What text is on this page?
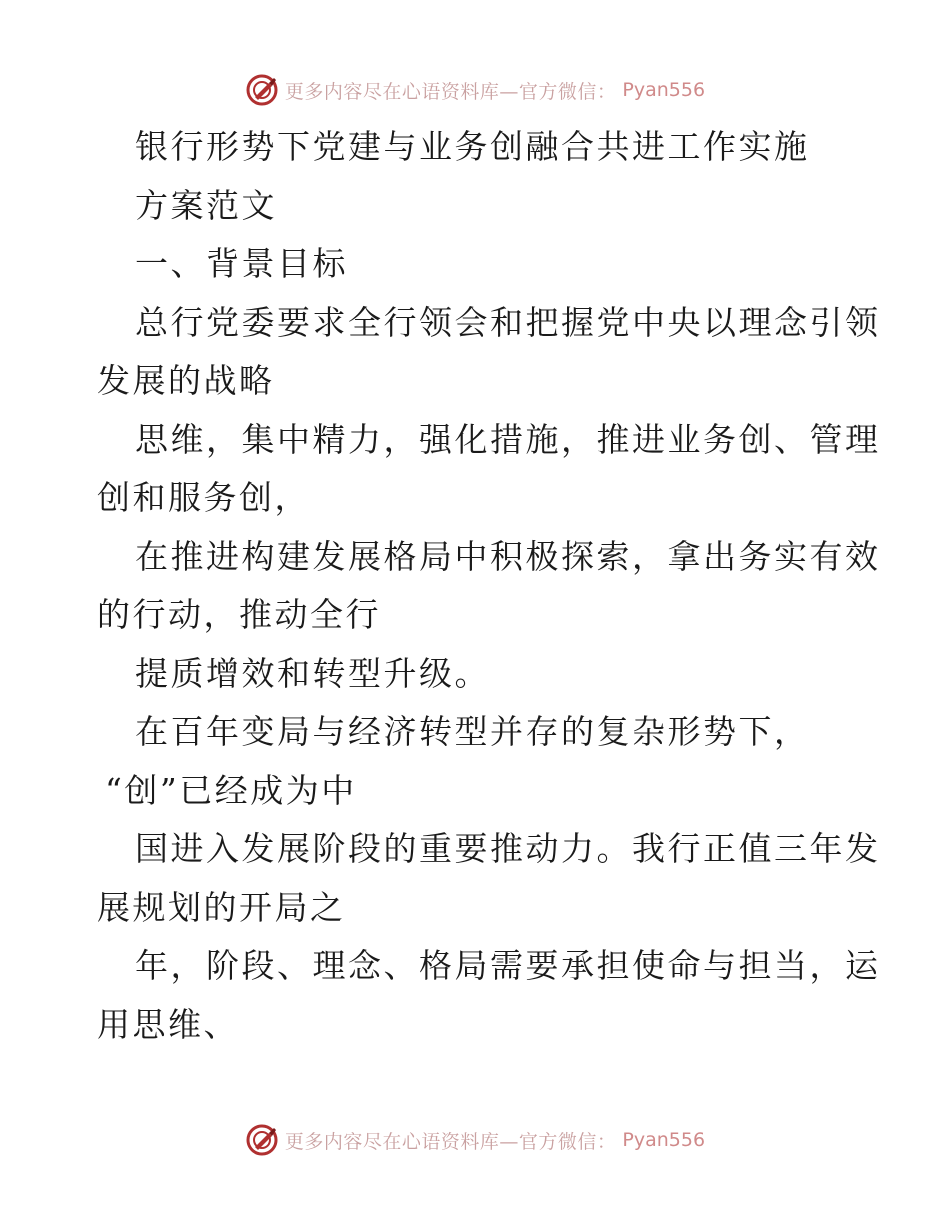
更多内容尽在心语资料库—官方微信： Pyan556
银行形势下党建与业务创融合共进工作实施
方案范文
一、背景目标
总行党委要求全行领会和把握党中央以理念引领
发展的战略
思维，集中精力，强化措施，推进业务创、管理
创和服务创，
在推进构建发展格局中积极探索，拿出务实有效
的行动，推动全行
提质增效和转型升级。
在百年变局与经济转型并存的复杂形势下，
“创”已经成为中
国进入发展阶段的重要推动力。我行正值三年发
展规划的开局之
年，阶段、理念、格局需要承担使命与担当，运
用思维、
更多内容尽在心语资料库—官方微信： Pyan556
